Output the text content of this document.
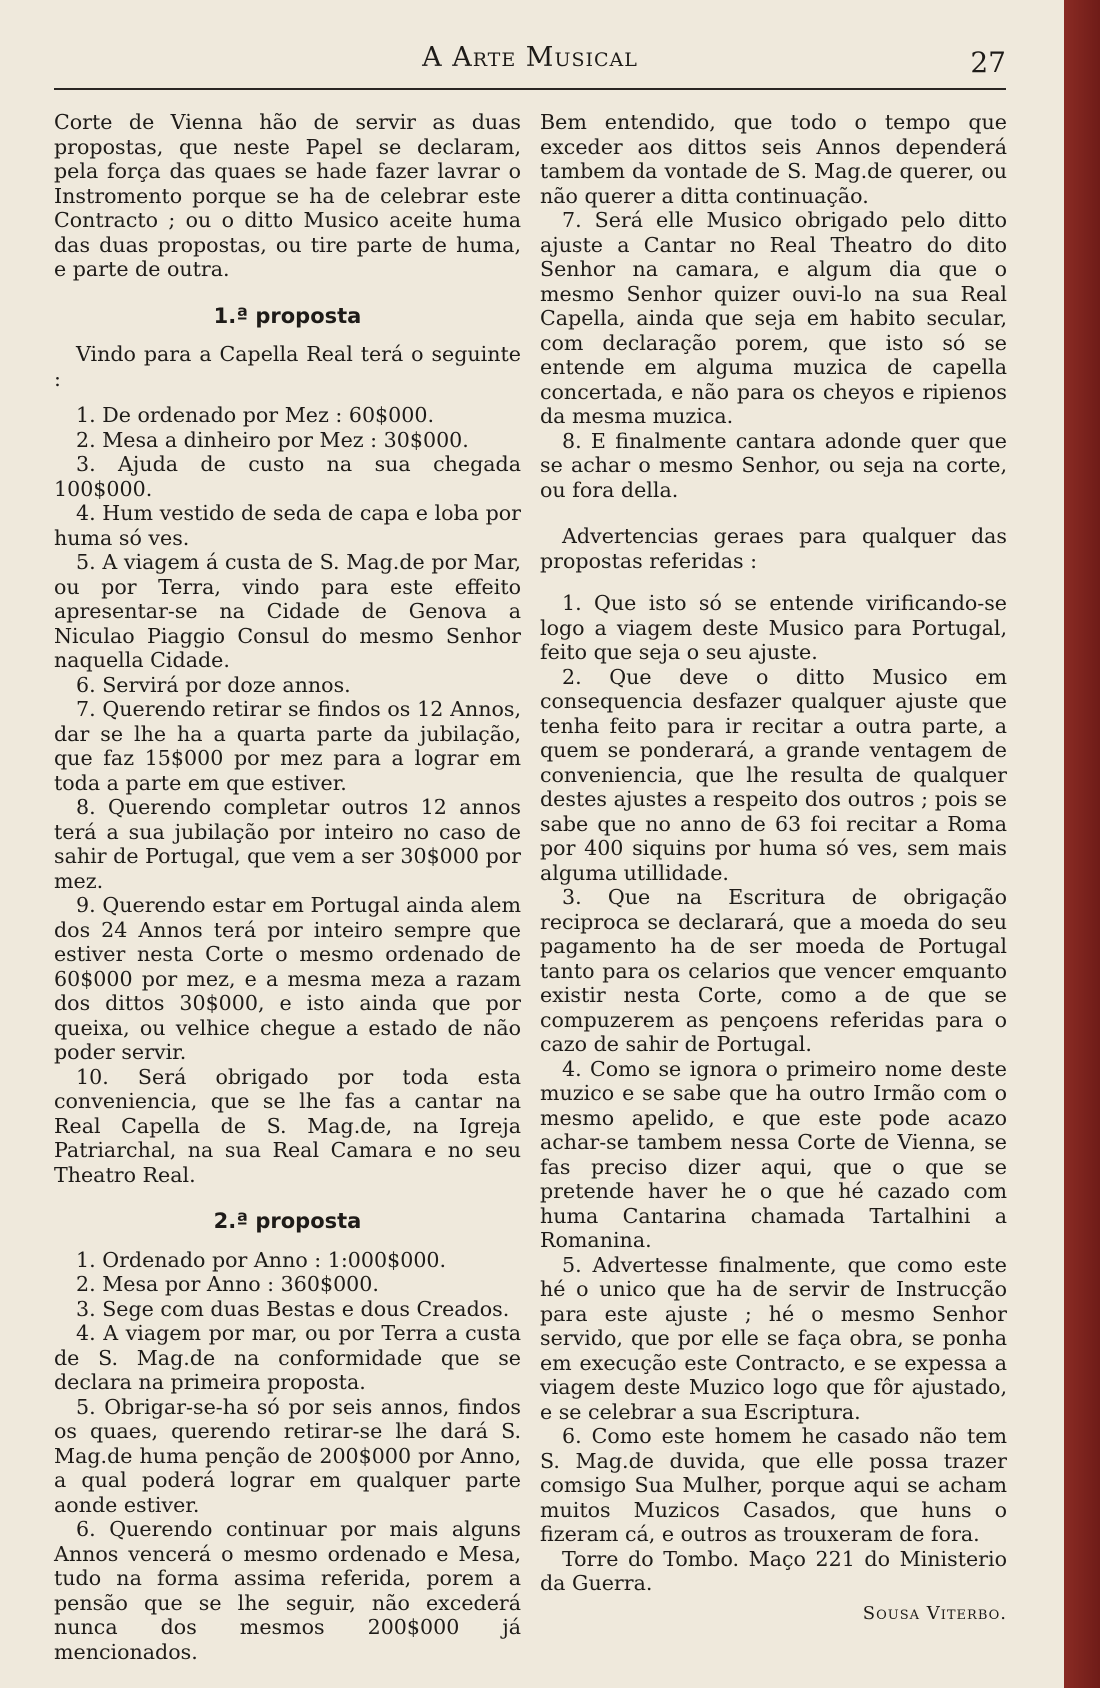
A Arte Musical	27

Corte de Vienna hão de servir as duas propostas, que neste Papel se declaram, pela força das quaes se hade fazer lavrar o Instromento porque se ha de celebrar este Contracto ; ou o ditto Musico aceite huma das duas propostas, ou tire parte de huma, e parte de outra.

1.ª proposta

Vindo para a Capella Real terá o seguinte :

1. De ordenado por Mez : 60$000.

2. Mesa a dinheiro por Mez : 30$000.

3. Ajuda de custo na sua chegada 100$000.

4. Hum vestido de seda de capa e loba por huma só ves.

5. A viagem á custa de S. Mag.de por Mar, ou por Terra, vindo para este effeito apresentar-se na Cidade de Genova a Niculao Piaggio Consul do mesmo Senhor naquella Cidade.

6. Servirá por doze annos.

7. Querendo retirar se findos os 12 Annos, dar se lhe ha a quarta parte da jubilação, que faz 15$000 por mez para a lograr em toda a parte em que estiver.

8. Querendo completar outros 12 annos terá a sua jubilação por inteiro no caso de sahir de Portugal, que vem a ser 30$000 por mez.

9. Querendo estar em Portugal ainda alem dos 24 Annos terá por inteiro sempre que estiver nesta Corte o mesmo ordenado de 60$000 por mez, e a mesma meza a razam dos dittos 30$000, e isto ainda que por queixa, ou velhice chegue a estado de não poder servir.

10. Será obrigado por toda esta conveniencia, que se lhe fas a cantar na Real Capella de S. Mag.de, na Igreja Patriarchal, na sua Real Camara e no seu Theatro Real.

2.ª proposta

1. Ordenado por Anno : 1:000$000.

2. Mesa por Anno : 360$000.

3. Sege com duas Bestas e dous Creados.

4. A viagem por mar, ou por Terra a custa de S. Mag.de na conformidade que se declara na primeira proposta.

5. Obrigar-se-ha só por seis annos, findos os quaes, querendo retirar-se lhe dará S. Mag.de huma penção de 200$000 por Anno, a qual poderá lograr em qualquer parte aonde estiver.

6. Querendo continuar por mais alguns Annos vencerá o mesmo ordenado e Mesa, tudo na forma assima referida, porem a pensão que se lhe seguir, não excederá nunca dos mesmos 200$000 já mencionados.

Bem entendido, que todo o tempo que exceder aos dittos seis Annos dependerá tambem da vontade de S. Mag.de querer, ou não querer a ditta continuação.

7. Será elle Musico obrigado pelo ditto ajuste a Cantar no Real Theatro do dito Senhor na camara, e algum dia que o mesmo Senhor quizer ouvi-lo na sua Real Capella, ainda que seja em habito secular, com declaração porem, que isto só se entende em alguma muzica de capella concertada, e não para os cheyos e ripienos da mesma muzica.

8. E finalmente cantara adonde quer que se achar o mesmo Senhor, ou seja na corte, ou fora della.

Advertencias geraes para qualquer das propostas referidas :

1. Que isto só se entende virificando-se logo a viagem deste Musico para Portugal, feito que seja o seu ajuste.

2. Que deve o ditto Musico em consequencia desfazer qualquer ajuste que tenha feito para ir recitar a outra parte, a quem se ponderará, a grande ventagem de conveniencia, que lhe resulta de qualquer destes ajustes a respeito dos outros ; pois se sabe que no anno de 63 foi recitar a Roma por 400 siquins por huma só ves, sem mais alguma utillidade.

3. Que na Escritura de obrigação reciproca se declarará, que a moeda do seu pagamento ha de ser moeda de Portugal tanto para os celarios que vencer emquanto existir nesta Corte, como a de que se compuzerem as pençoens referidas para o cazo de sahir de Portugal.

4. Como se ignora o primeiro nome deste muzico e se sabe que ha outro Irmão com o mesmo apelido, e que este pode acazo achar-se tambem nessa Corte de Vienna, se fas preciso dizer aqui, que o que se pretende haver he o que hé cazado com huma Cantarina chamada Tartalhini a Romanina.

5. Advertesse finalmente, que como este hé o unico que ha de servir de Instrucção para este ajuste ; hé o mesmo Senhor servido, que por elle se faça obra, se ponha em execução este Contracto, e se expessa a viagem deste Muzico logo que fôr ajustado, e se celebrar a sua Escriptura.

6. Como este homem he casado não tem S. Mag.de duvida, que elle possa trazer comsigo Sua Mulher, porque aqui se acham muitos Muzicos Casados, que huns o fizeram cá, e outros as trouxeram de fora.

Torre do Tombo. Maço 221 do Ministerio da Guerra.

Sousa Viterbo.
